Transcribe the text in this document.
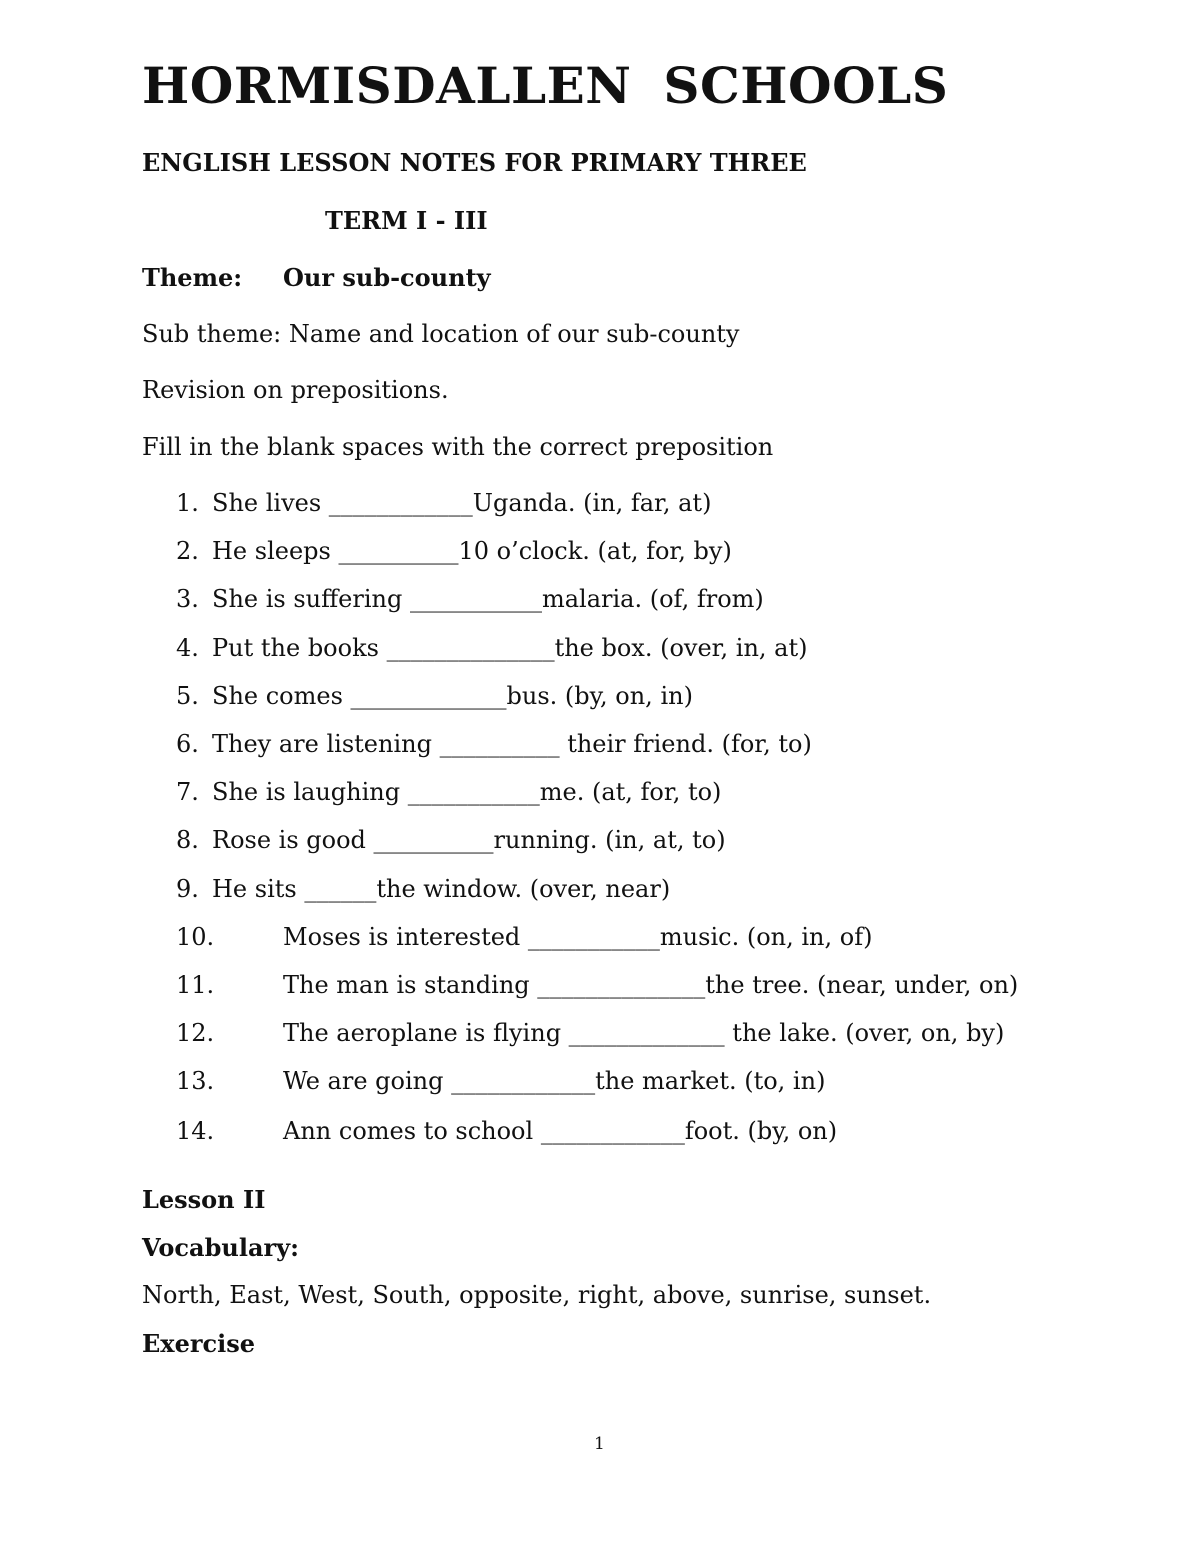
HORMISDALLEN SCHOOLS
ENGLISH LESSON NOTES FOR PRIMARY THREE
TERM I - III
Theme: Our sub-county
Sub theme: Name and location of our sub-county
Revision on prepositions.
Fill in the blank spaces with the correct preposition
1. She lives ____________Uganda. (in, far, at)
2. He sleeps __________10 o’clock. (at, for, by)
3. She is suffering ___________malaria. (of, from)
4. Put the books ______________the box. (over, in, at)
5. She comes _____________bus. (by, on, in)
6. They are listening __________ their friend. (for, to)
7. She is laughing ___________me. (at, for, to)
8. Rose is good __________running. (in, at, to)
9. He sits ______the window. (over, near)
10.	Moses is interested ___________music. (on, in, of)
11.	The man is standing ______________the tree. (near, under, on)
12.	The aeroplane is flying _____________ the lake. (over, on, by)
13.	We are going ____________the market. (to, in)
14.	Ann comes to school ____________foot. (by, on)
Lesson II
Vocabulary:
North, East, West, South, opposite, right, above, sunrise, sunset.
Exercise
1
